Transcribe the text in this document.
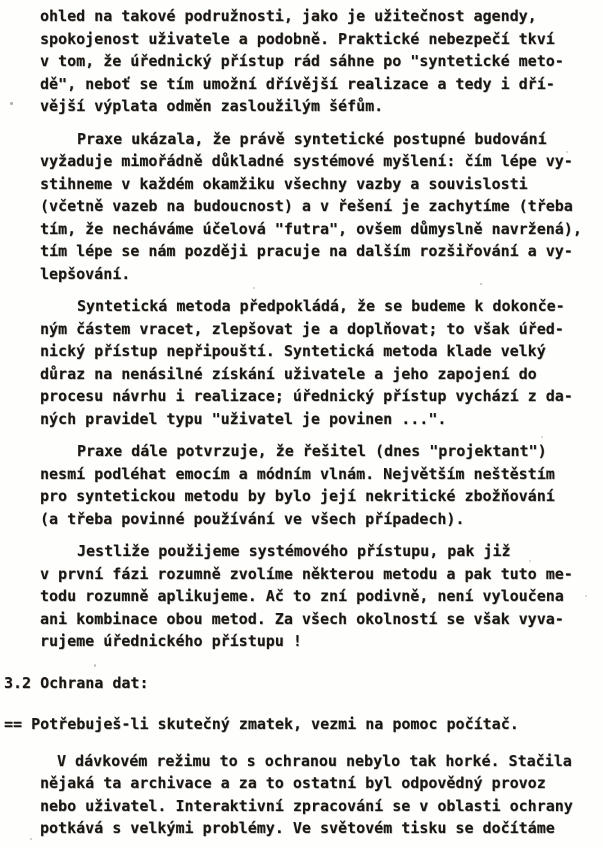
ohled na takové podružnosti, jako je užitečnost agendy,
spokojenost uživatele a podobně. Praktické nebezpečí tkví
v tom, že úřednický přístup rád sáhne po "syntetické meto-
dě", neboť se tím umožní dřívější realizace a tedy i dří-
vější výplata odměn zasloužilým šéfům.
Praxe ukázala, že právě syntetické postupné budování
vyžaduje mimořádně důkladné systémové myšlení: čím lépe vy-
stihneme v každém okamžiku všechny vazby a souvislosti
(včetně vazeb na budoucnost) a v řešení je zachytíme (třeba
tím, že necháváme účelová "futra", ovšem důmyslně navržená),
tím lépe se nám později pracuje na dalším rozšiřování a vy-
lepšování.
Syntetická metoda předpokládá, že se budeme k dokonče-
ným částem vracet, zlepšovat je a doplňovat; to však úřed-
nický přístup nepřipouští. Syntetická metoda klade velký
důraz na nenásilné získání uživatele a jeho zapojení do
procesu návrhu i realizace; úřednický přístup vychází z da-
ných pravidel typu "uživatel je povinen ...".
Praxe dále potvrzuje, že řešitel (dnes "projektant")
nesmí podléhat emocím a módním vlnám. Největším neštěstím
pro syntetickou metodu by bylo její nekritické zbožňování
(a třeba povinné používání ve všech případech).
Jestliže použijeme systémového přístupu, pak již
v první fázi rozumně zvolíme některou metodu a pak tuto me-
todu rozumně aplikujeme. Ač to zní podivně, není vyloučena
ani kombinace obou metod. Za všech okolností se však vyva-
rujeme úřednického přístupu !
3.2 Ochrana dat:
== Potřebuješ-li skutečný zmatek, vezmi na pomoc počítač.
V dávkovém režimu to s ochranou nebylo tak horké. Stačila
nějaká ta archivace a za to ostatní byl odpovědný provoz
nebo uživatel. Interaktivní zpracování se v oblasti ochrany
potkává s velkými problémy. Ve světovém tisku se dočítáme
